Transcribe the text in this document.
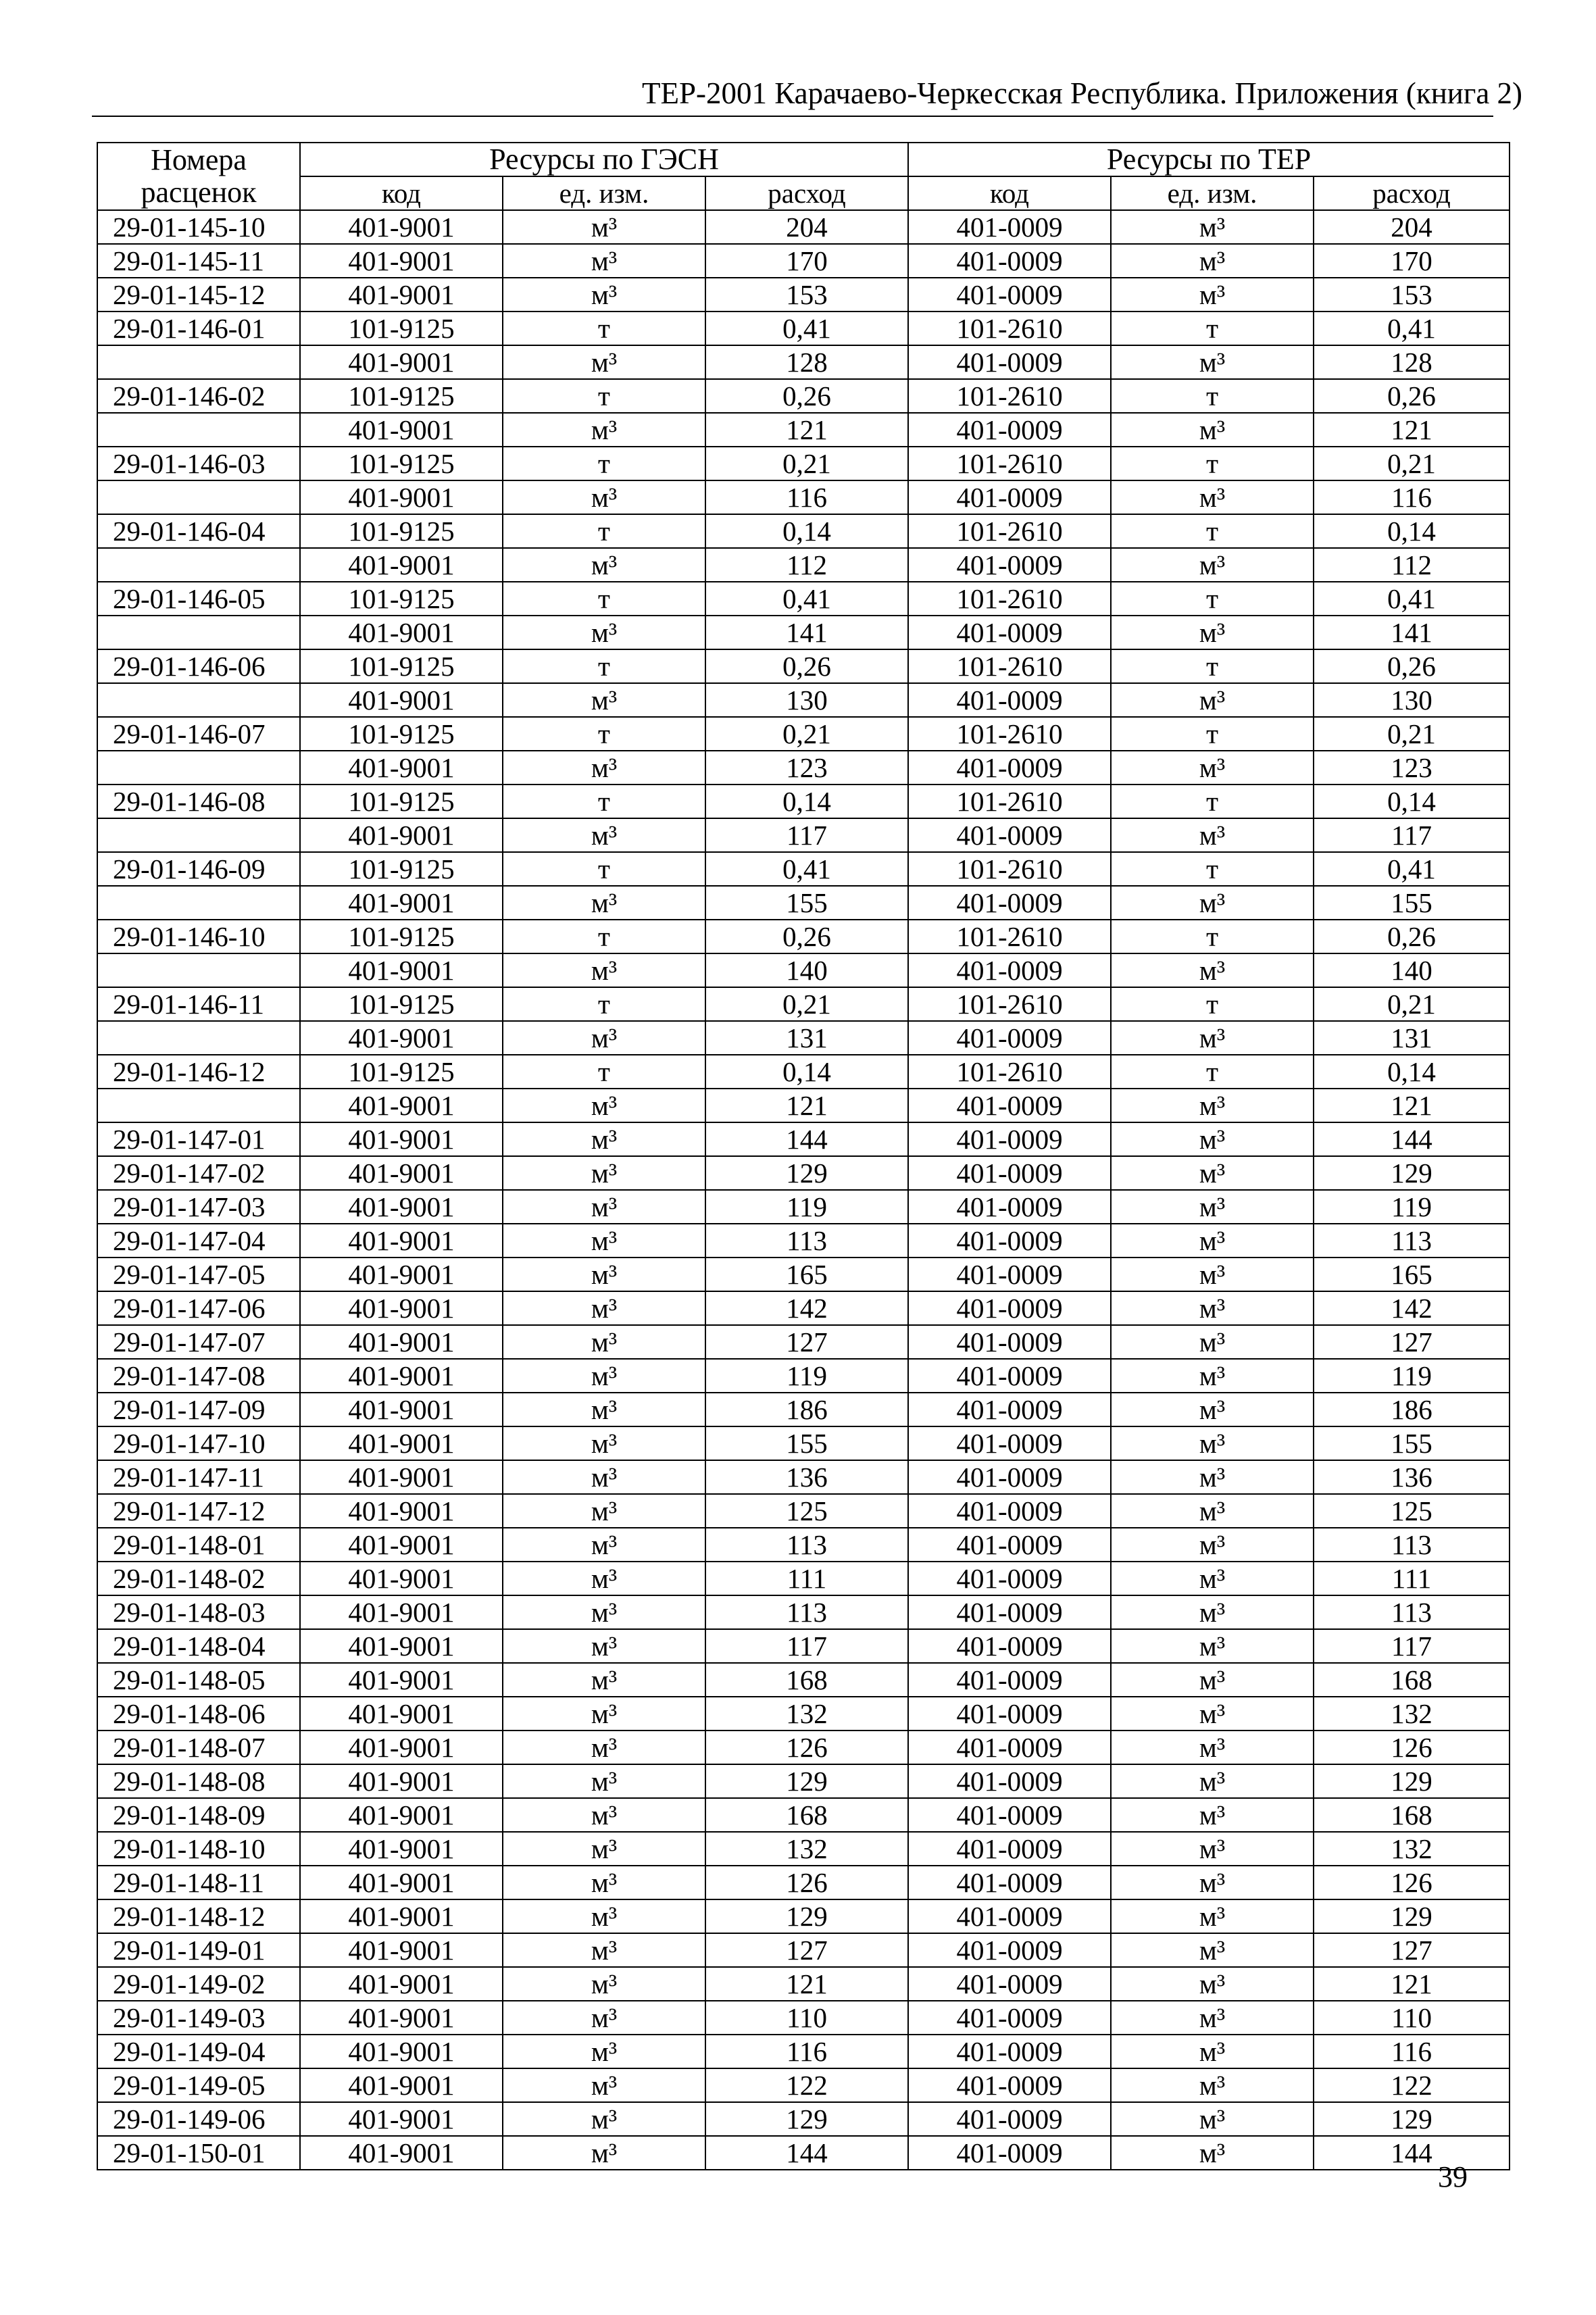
ТЕР-2001 Карачаево-Черкесская Республика. Приложения (книга 2)
Номера расценок	Ресурсы по ГЭСН			Ресурсы по ТЕР		
	код	ед. изм.	расход	код	ед. изм.	расход
29-01-145-10	401-9001	м³	204	401-0009	м³	204
29-01-145-11	401-9001	м³	170	401-0009	м³	170
29-01-145-12	401-9001	м³	153	401-0009	м³	153
29-01-146-01	101-9125	т	0,41	101-2610	т	0,41
	401-9001	м³	128	401-0009	м³	128
29-01-146-02	101-9125	т	0,26	101-2610	т	0,26
	401-9001	м³	121	401-0009	м³	121
29-01-146-03	101-9125	т	0,21	101-2610	т	0,21
	401-9001	м³	116	401-0009	м³	116
29-01-146-04	101-9125	т	0,14	101-2610	т	0,14
	401-9001	м³	112	401-0009	м³	112
29-01-146-05	101-9125	т	0,41	101-2610	т	0,41
	401-9001	м³	141	401-0009	м³	141
29-01-146-06	101-9125	т	0,26	101-2610	т	0,26
	401-9001	м³	130	401-0009	м³	130
29-01-146-07	101-9125	т	0,21	101-2610	т	0,21
	401-9001	м³	123	401-0009	м³	123
29-01-146-08	101-9125	т	0,14	101-2610	т	0,14
	401-9001	м³	117	401-0009	м³	117
29-01-146-09	101-9125	т	0,41	101-2610	т	0,41
	401-9001	м³	155	401-0009	м³	155
29-01-146-10	101-9125	т	0,26	101-2610	т	0,26
	401-9001	м³	140	401-0009	м³	140
29-01-146-11	101-9125	т	0,21	101-2610	т	0,21
	401-9001	м³	131	401-0009	м³	131
29-01-146-12	101-9125	т	0,14	101-2610	т	0,14
	401-9001	м³	121	401-0009	м³	121
29-01-147-01	401-9001	м³	144	401-0009	м³	144
29-01-147-02	401-9001	м³	129	401-0009	м³	129
29-01-147-03	401-9001	м³	119	401-0009	м³	119
29-01-147-04	401-9001	м³	113	401-0009	м³	113
29-01-147-05	401-9001	м³	165	401-0009	м³	165
29-01-147-06	401-9001	м³	142	401-0009	м³	142
29-01-147-07	401-9001	м³	127	401-0009	м³	127
29-01-147-08	401-9001	м³	119	401-0009	м³	119
29-01-147-09	401-9001	м³	186	401-0009	м³	186
29-01-147-10	401-9001	м³	155	401-0009	м³	155
29-01-147-11	401-9001	м³	136	401-0009	м³	136
29-01-147-12	401-9001	м³	125	401-0009	м³	125
29-01-148-01	401-9001	м³	113	401-0009	м³	113
29-01-148-02	401-9001	м³	111	401-0009	м³	111
29-01-148-03	401-9001	м³	113	401-0009	м³	113
29-01-148-04	401-9001	м³	117	401-0009	м³	117
29-01-148-05	401-9001	м³	168	401-0009	м³	168
29-01-148-06	401-9001	м³	132	401-0009	м³	132
29-01-148-07	401-9001	м³	126	401-0009	м³	126
29-01-148-08	401-9001	м³	129	401-0009	м³	129
29-01-148-09	401-9001	м³	168	401-0009	м³	168
29-01-148-10	401-9001	м³	132	401-0009	м³	132
29-01-148-11	401-9001	м³	126	401-0009	м³	126
29-01-148-12	401-9001	м³	129	401-0009	м³	129
29-01-149-01	401-9001	м³	127	401-0009	м³	127
29-01-149-02	401-9001	м³	121	401-0009	м³	121
29-01-149-03	401-9001	м³	110	401-0009	м³	110
29-01-149-04	401-9001	м³	116	401-0009	м³	116
29-01-149-05	401-9001	м³	122	401-0009	м³	122
29-01-149-06	401-9001	м³	129	401-0009	м³	129
29-01-150-01	401-9001	м³	144	401-0009	м³	144
39
